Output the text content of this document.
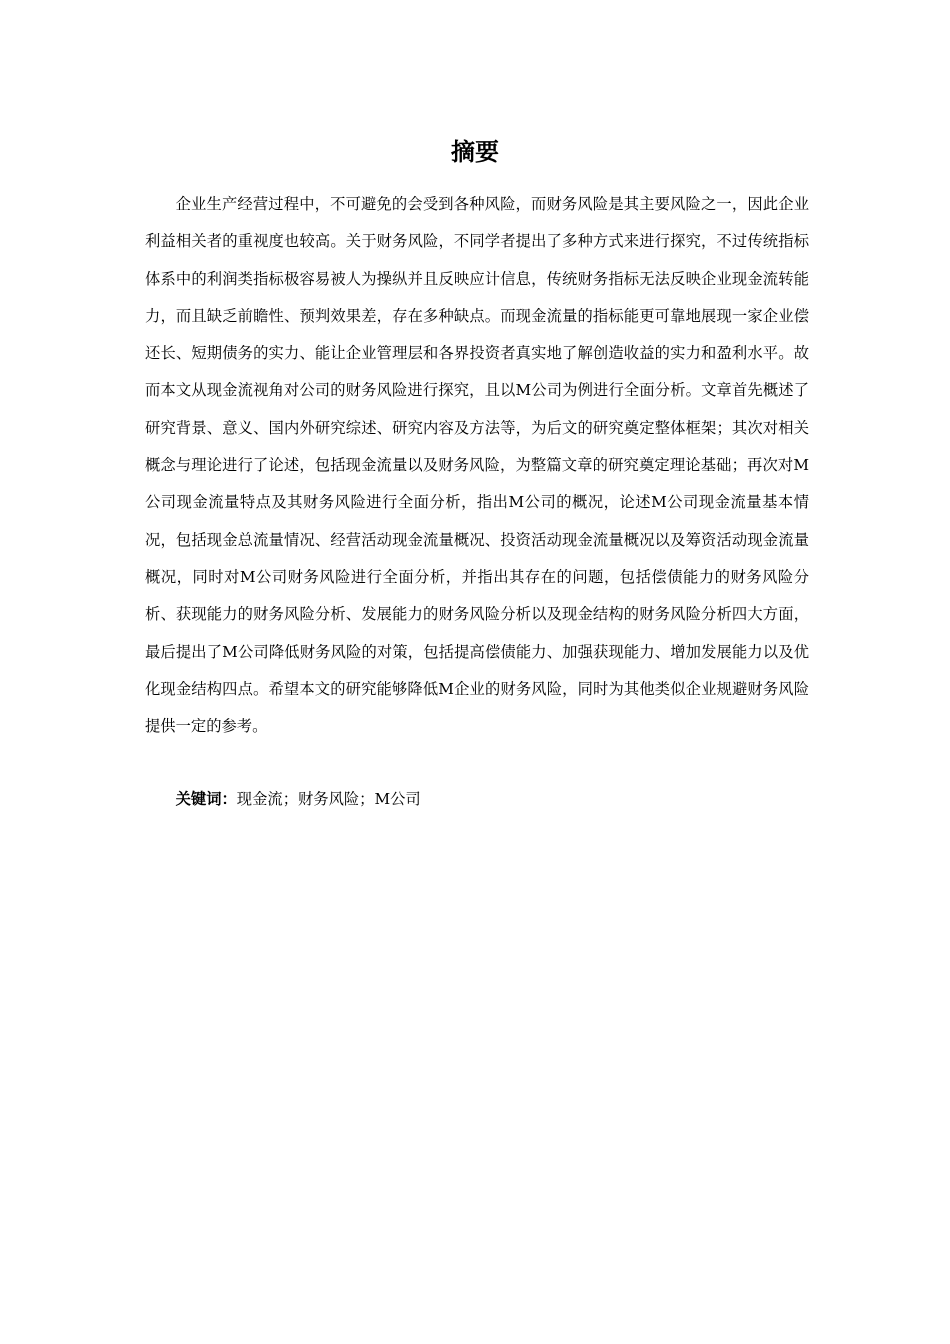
摘要

企业生产经营过程中，不可避免的会受到各种风险，而财务风险是其主要风险之一，因此企业利益相关者的重视度也较高。关于财务风险，不同学者提出了多种方式来进行探究，不过传统指标体系中的利润类指标极容易被人为操纵并且反映应计信息，传统财务指标无法反映企业现金流转能力，而且缺乏前瞻性、预判效果差，存在多种缺点。而现金流量的指标能更可靠地展现一家企业偿还长、短期债务的实力、能让企业管理层和各界投资者真实地了解创造收益的实力和盈利水平。故而本文从现金流视角对公司的财务风险进行探究，且以M公司为例进行全面分析。文章首先概述了研究背景、意义、国内外研究综述、研究内容及方法等，为后文的研究奠定整体框架；其次对相关概念与理论进行了论述，包括现金流量以及财务风险，为整篇文章的研究奠定理论基础；再次对M公司现金流量特点及其财务风险进行全面分析，指出M公司的概况，论述M公司现金流量基本情况，包括现金总流量情况、经营活动现金流量概况、投资活动现金流量概况以及筹资活动现金流量概况，同时对M公司财务风险进行全面分析，并指出其存在的问题，包括偿债能力的财务风险分析、获现能力的财务风险分析、发展能力的财务风险分析以及现金结构的财务风险分析四大方面，最后提出了M公司降低财务风险的对策，包括提高偿债能力、加强获现能力、增加发展能力以及优化现金结构四点。希望本文的研究能够降低M企业的财务风险，同时为其他类似企业规避财务风险提供一定的参考。

关键词：现金流；财务风险；M公司
